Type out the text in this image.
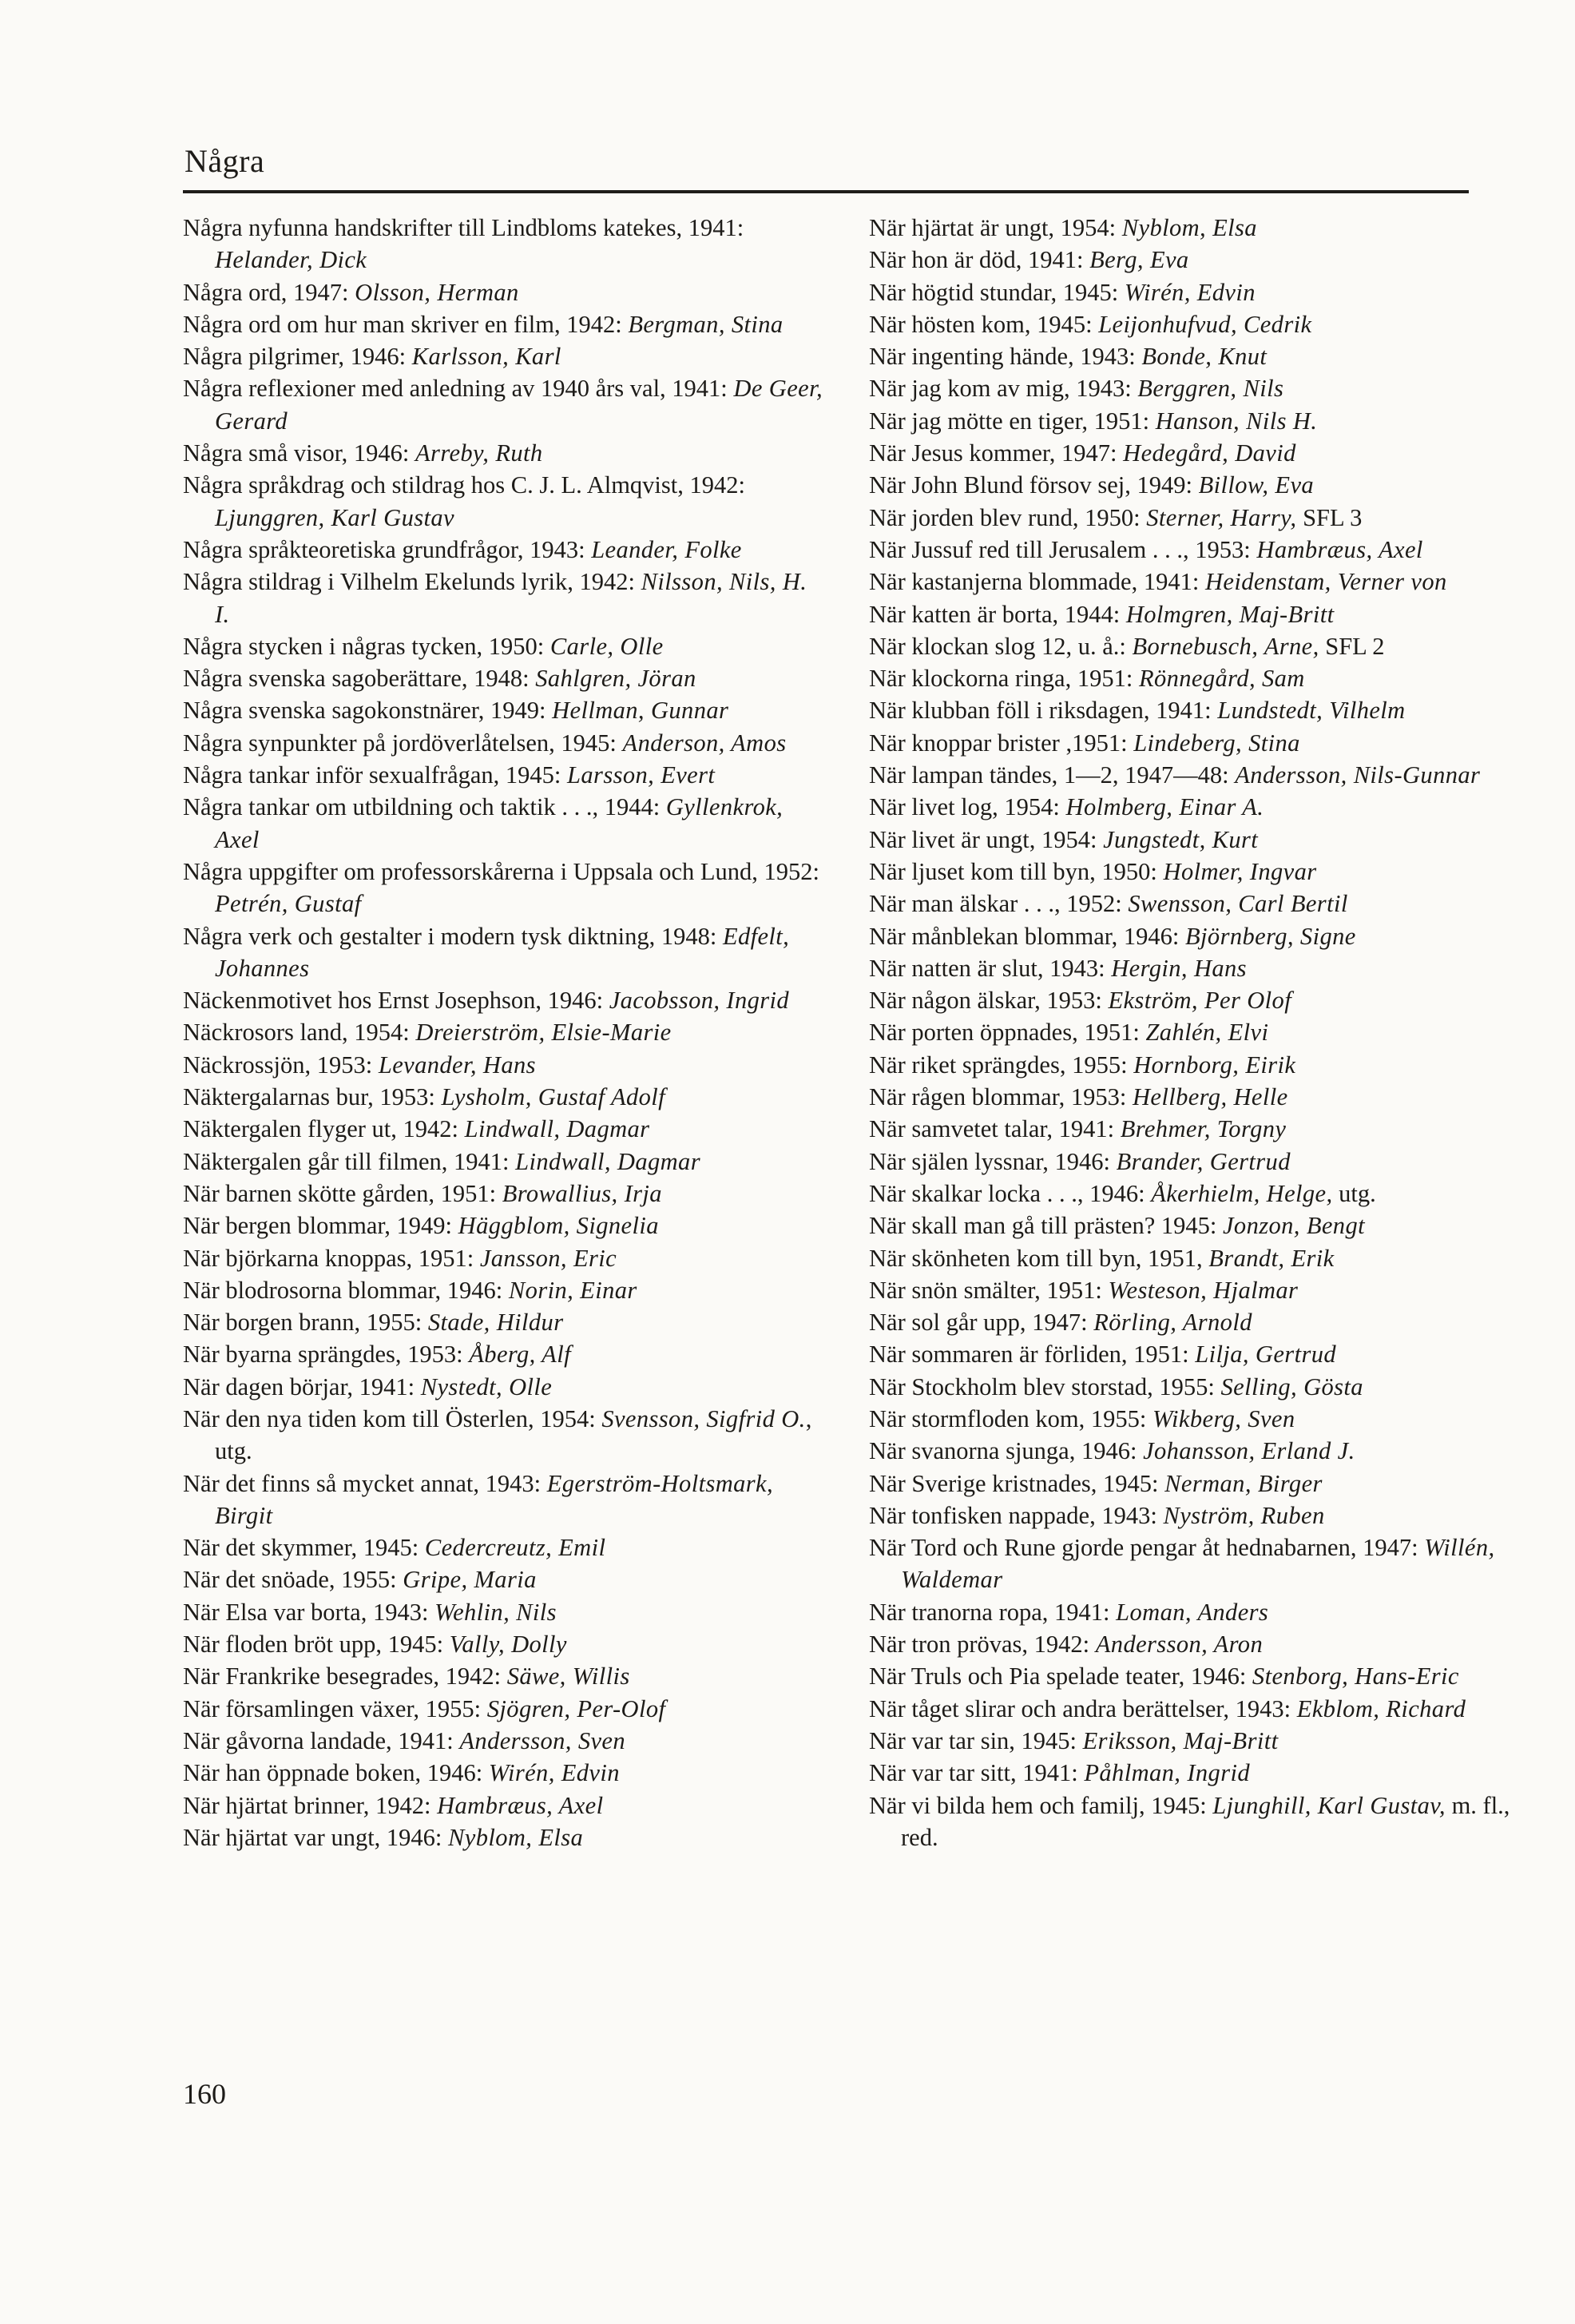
Några

Några nyfunna handskrifter till Lindbloms katekes, 1941: Helander, Dick

Några ord, 1947: Olsson, Herman

Några ord om hur man skriver en film, 1942: Bergman, Stina

Några pilgrimer, 1946: Karlsson, Karl

Några reflexioner med anledning av 1940 års val, 1941: De Geer, Gerard

Några små visor, 1946: Arreby, Ruth

Några språkdrag och stildrag hos C. J. L. Almqvist, 1942: Ljunggren, Karl Gustav

Några språkteoretiska grundfrågor, 1943: Leander, Folke

Några stildrag i Vilhelm Ekelunds lyrik, 1942: Nilsson, Nils, H. I.

Några stycken i någras tycken, 1950: Carle, Olle

Några svenska sagoberättare, 1948: Sahlgren, Jöran

Några svenska sagokonstnärer, 1949: Hellman, Gunnar

Några synpunkter på jordöverlåtelsen, 1945: Anderson, Amos

Några tankar inför sexualfrågan, 1945: Larsson, Evert

Några tankar om utbildning och taktik . . ., 1944: Gyllenkrok, Axel

Några uppgifter om professorskårerna i Uppsala och Lund, 1952: Petrén, Gustaf

Några verk och gestalter i modern tysk diktning, 1948: Edfelt, Johannes

Näckenmotivet hos Ernst Josephson, 1946: Jacobsson, Ingrid

Näckrosors land, 1954: Dreierström, Elsie-Marie

Näckrossjön, 1953: Levander, Hans

Näktergalarnas bur, 1953: Lysholm, Gustaf Adolf

Näktergalen flyger ut, 1942: Lindwall, Dagmar

Näktergalen går till filmen, 1941: Lindwall, Dagmar

När barnen skötte gården, 1951: Browallius, Irja

När bergen blommar, 1949: Häggblom, Signelia

När björkarna knoppas, 1951: Jansson, Eric

När blodrosorna blommar, 1946: Norin, Einar

När borgen brann, 1955: Stade, Hildur

När byarna sprängdes, 1953: Åberg, Alf

När dagen börjar, 1941: Nystedt, Olle

När den nya tiden kom till Österlen, 1954: Svensson, Sigfrid O., utg.

När det finns så mycket annat, 1943: Egerström-Holtsmark, Birgit

När det skymmer, 1945: Cedercreutz, Emil

När det snöade, 1955: Gripe, Maria

När Elsa var borta, 1943: Wehlin, Nils

När floden bröt upp, 1945: Vally, Dolly

När Frankrike besegrades, 1942: Säwe, Willis

När församlingen växer, 1955: Sjögren, Per-Olof

När gåvorna landade, 1941: Andersson, Sven

När han öppnade boken, 1946: Wirén, Edvin

När hjärtat brinner, 1942: Hambræus, Axel

När hjärtat var ungt, 1946: Nyblom, Elsa

När hjärtat är ungt, 1954: Nyblom, Elsa

När hon är död, 1941: Berg, Eva

När högtid stundar, 1945: Wirén, Edvin

När hösten kom, 1945: Leijonhufvud, Cedrik

När ingenting hände, 1943: Bonde, Knut

När jag kom av mig, 1943: Berggren, Nils

När jag mötte en tiger, 1951: Hanson, Nils H.

När Jesus kommer, 1947: Hedegård, David

När John Blund försov sej, 1949: Billow, Eva

När jorden blev rund, 1950: Sterner, Harry, SFL 3

När Jussuf red till Jerusalem . . ., 1953: Hambræus, Axel

När kastanjerna blommade, 1941: Heidenstam, Verner von

När katten är borta, 1944: Holmgren, Maj-Britt

När klockan slog 12, u. å.: Bornebusch, Arne, SFL 2

När klockorna ringa, 1951: Rönnegård, Sam

När klubban föll i riksdagen, 1941: Lundstedt, Vilhelm

När knoppar brister ,1951: Lindeberg, Stina

När lampan tändes, 1—2, 1947—48: Andersson, Nils-Gunnar

När livet log, 1954: Holmberg, Einar A.

När livet är ungt, 1954: Jungstedt, Kurt

När ljuset kom till byn, 1950: Holmer, Ingvar

När man älskar . . ., 1952: Swensson, Carl Bertil

När månblekan blommar, 1946: Björnberg, Signe

När natten är slut, 1943: Hergin, Hans

När någon älskar, 1953: Ekström, Per Olof

När porten öppnades, 1951: Zahlén, Elvi

När riket sprängdes, 1955: Hornborg, Eirik

När rågen blommar, 1953: Hellberg, Helle

När samvetet talar, 1941: Brehmer, Torgny

När själen lyssnar, 1946: Brander, Gertrud

När skalkar locka . . ., 1946: Åkerhielm, Helge, utg.

När skall man gå till prästen? 1945: Jonzon, Bengt

När skönheten kom till byn, 1951, Brandt, Erik

När snön smälter, 1951: Westeson, Hjalmar

När sol går upp, 1947: Rörling, Arnold

När sommaren är förliden, 1951: Lilja, Gertrud

När Stockholm blev storstad, 1955: Selling, Gösta

När stormfloden kom, 1955: Wikberg, Sven

När svanorna sjunga, 1946: Johansson, Erland J.

När Sverige kristnades, 1945: Nerman, Birger

När tonfisken nappade, 1943: Nyström, Ruben

När Tord och Rune gjorde pengar åt hednabarnen, 1947: Willén, Waldemar

När tranorna ropa, 1941: Loman, Anders

När tron prövas, 1942: Andersson, Aron

När Truls och Pia spelade teater, 1946: Stenborg, Hans-Eric

När tåget slirar och andra berättelser, 1943: Ekblom, Richard

När var tar sin, 1945: Eriksson, Maj-Britt

När var tar sitt, 1941: Påhlman, Ingrid

När vi bilda hem och familj, 1945: Ljunghill, Karl Gustav, m. fl., red.

160
